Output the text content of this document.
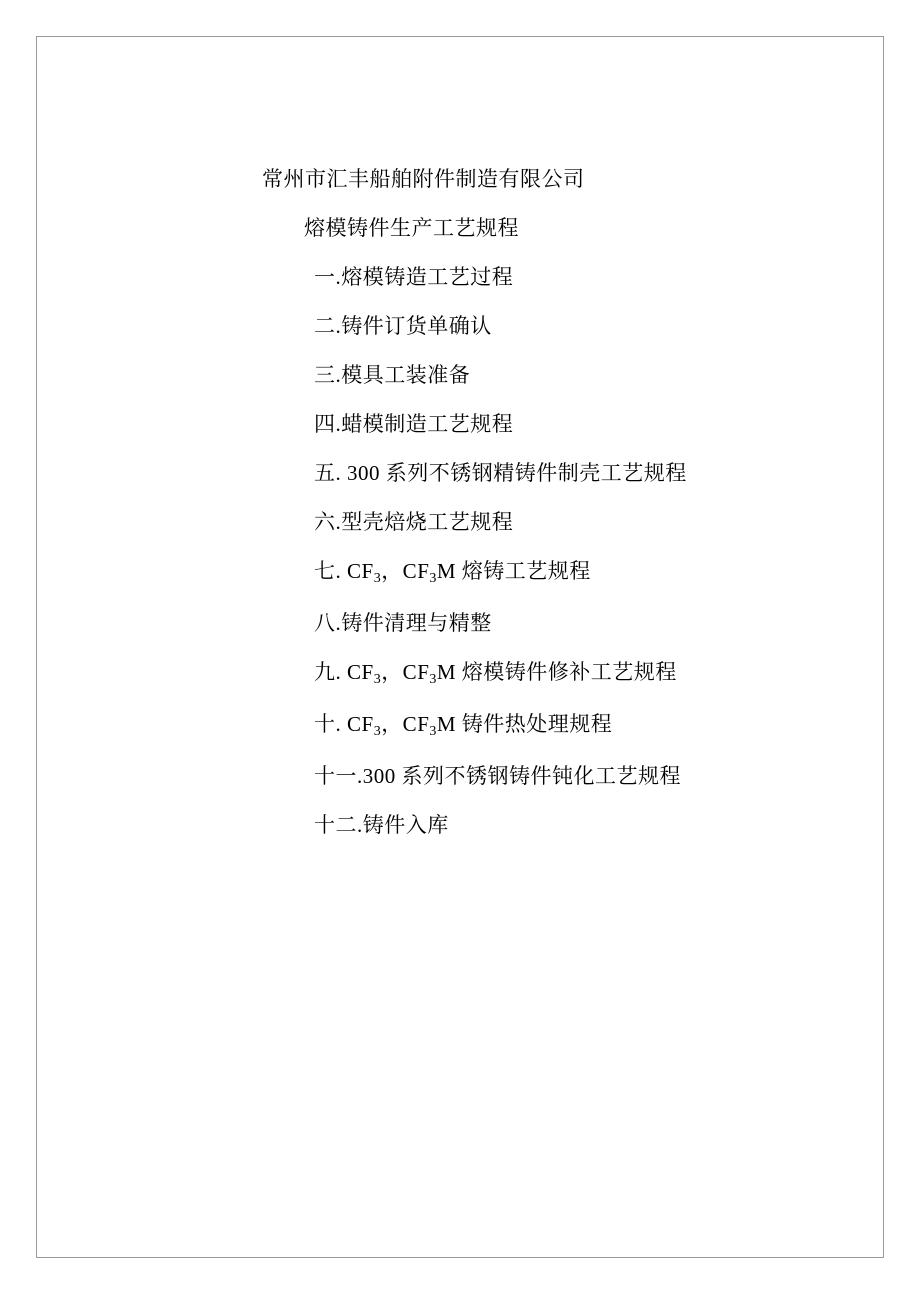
常州市汇丰船舶附件制造有限公司
熔模铸件生产工艺规程
一.熔模铸造工艺过程
二.铸件订货单确认
三.模具工装准备
四.蜡模制造工艺规程
五. 300 系列不锈钢精铸件制壳工艺规程
六.型壳焙烧工艺规程
七. $CF_3$，$CF_3M$ 熔铸工艺规程
八.铸件清理与精整
九. $CF_3$，$CF_3M$ 熔模铸件修补工艺规程
十. $CF_3$，$CF_3M$ 铸件热处理规程
十一.300 系列不锈钢铸件钝化工艺规程
十二.铸件入库
